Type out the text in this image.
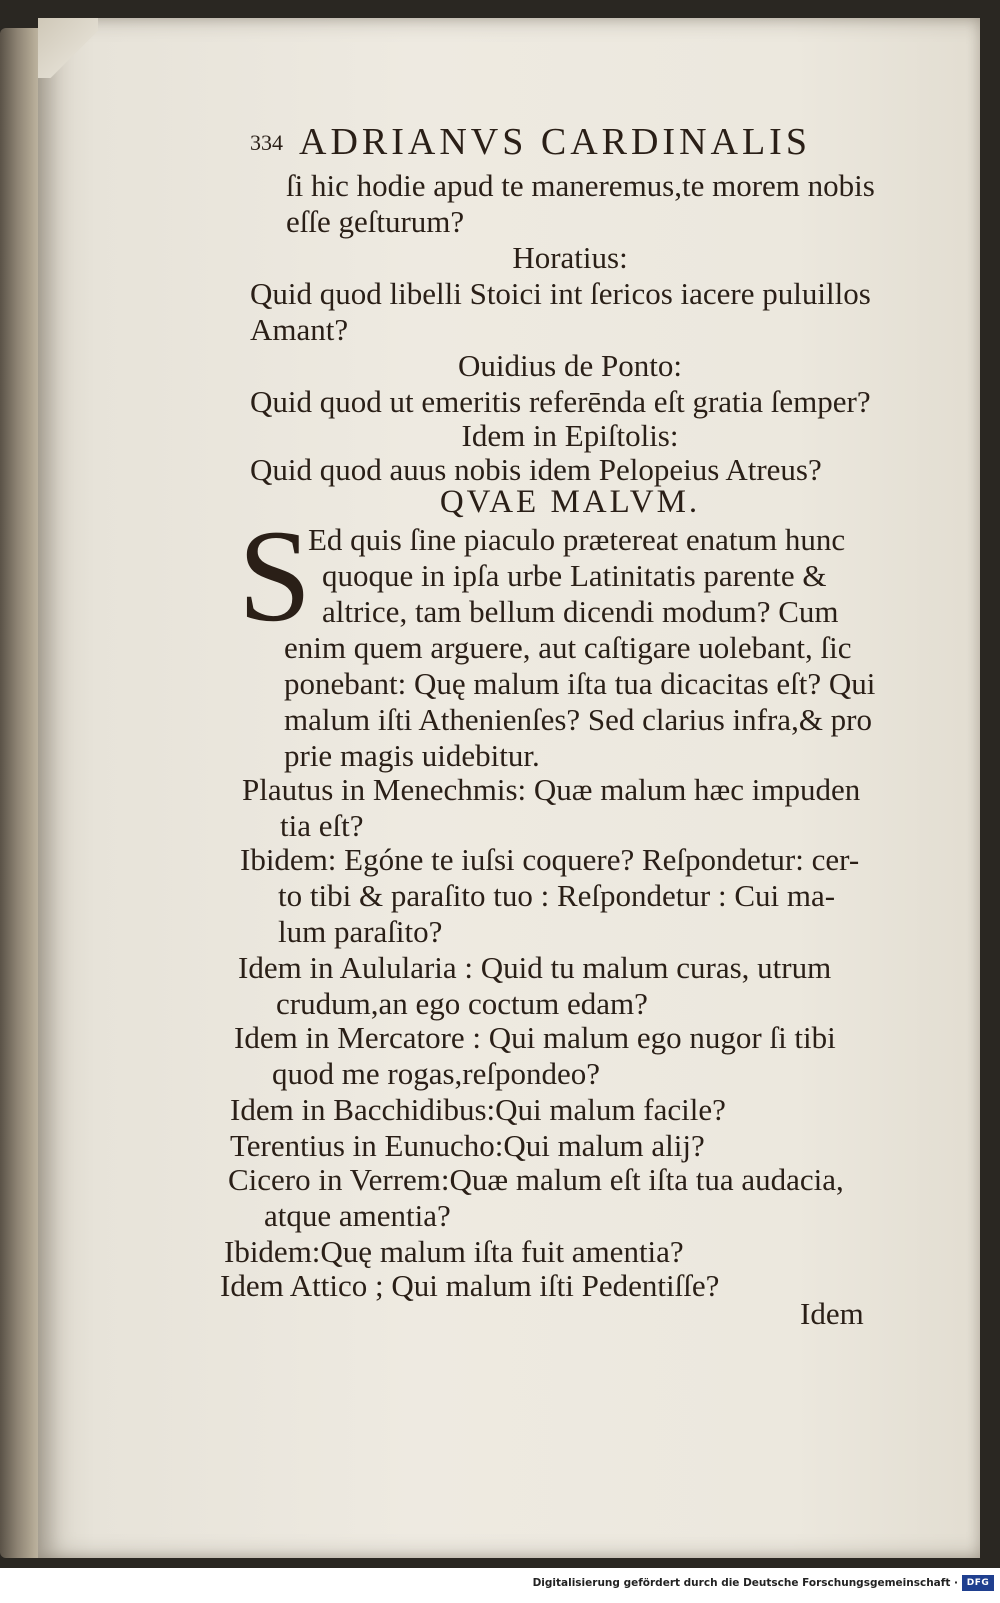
334 ADRIANVS CARDINALIS
ſi hic hodie apud te maneremus,te morem nobis
eſſe geſturum?
Horatius:
Quid quod libelli Stoici int ſericos iacere puluillos
Amant?
Ouidius de Ponto:
Quid quod ut emeritis referēnda eſt gratia ſemper?
Idem in Epiſtolis:
Quid quod auus nobis idem Pelopeius Atreus?
QVAE MALVM.
S
Ed quis ſine piaculo prætereat enatum hunc
quoque in ipſa urbe Latinitatis parente &
altrice, tam bellum dicendi modum? Cum
enim quem arguere, aut caſtigare uolebant, ſic
ponebant: Quę malum iſta tua dicacitas eſt? Qui
malum iſti Athenienſes? Sed clarius infra,& pro
prie magis uidebitur.
Plautus in Menechmis: Quæ malum hæc impuden
tia eſt?
Ibidem: Egóne te iuſsi coquere? Reſpondetur: cer-
to tibi & paraſito tuo : Reſpondetur : Cui ma-
lum paraſito?
Idem in Aulularia : Quid tu malum curas, utrum
crudum,an ego coctum edam?
Idem in Mercatore : Qui malum ego nugor ſi tibi
quod me rogas,reſpondeo?
Idem in Bacchidibus:Qui malum facile?
Terentius in Eunucho:Qui malum alij?
Cicero in Verrem:Quæ malum eſt iſta tua audacia,
atque amentia?
Ibidem:Quę malum iſta fuit amentia?
Idem Attico ; Qui malum iſti Pedentiſſe?
Idem
Digitalisierung gefördert durch die Deutsche Forschungsgemeinschaft · DFG
